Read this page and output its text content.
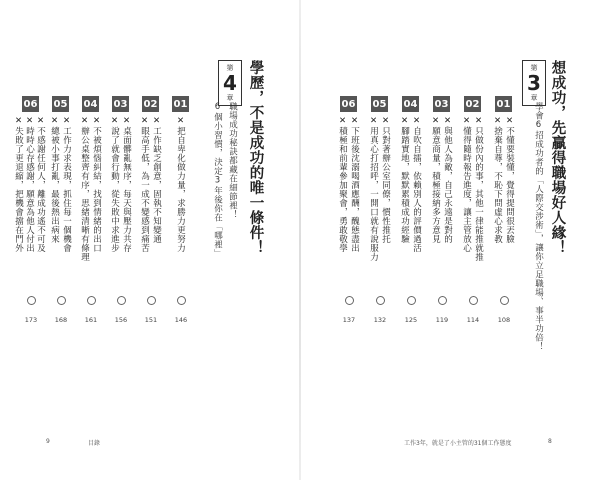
01
✕把自卑化做力量，求勝力更努力
146
02
✕眼高手低，為一成不變感到痛苦 ✕工作缺乏創意，固執不知變通
151
03
✕說了就會行動，從失敗中求進步 ✕桌面髒亂無序，每天與壓力共存
156
04
✕辦公桌整齊有序，思緒清晰有條理 ✕不被煩惱糾結，找到情緒的出口
161
05
✕總被小事打亂，最後熱出病來 ✕工作力求表現，抓住每一個機會
168
06
✕失敗了更退縮，把機會擋在門外 ✕時時心存感謝，願意為他人付出 ✕不感謝任何人，離成功遙不可及
173
第
4
章 學歷，不是成功的唯一條件！
職場成功秘訣都藏在細節裡！
6個小習慣，決定3年後你在「哪裡」
9	目錄
第
3
章 想成功，先贏得職場好人緣！
學會6招成功者的「人際交涉術」，讓你立足職場、事半功倍！
01
✕捨棄自尊，不恥下問虛心求教 ✕不懂要裝懂，覺得提問很丟臉
108
02
✕懂得隨時報告進度，讓主管放心 ✕只做份內的事，其他一律能推就推
114
03
✕願意商量，積極接納多方意見 ✕與他人為敵，自己永遠是對的
119
04
✕腳踏實地，默默累積成功經驗 ✕自吹自擂，依賴別人的評價過活
125
05
✕用真心打招呼，一開口就有說服力 ✕只對著辦公室同僚，慣性推托
132
06
✕積極和前輩參加聚會，勇敢敬學 ✕下班後沈溺喝酒應酬，醜態盡出
137
工作3年，就是了小主管的31個工作態度	8
